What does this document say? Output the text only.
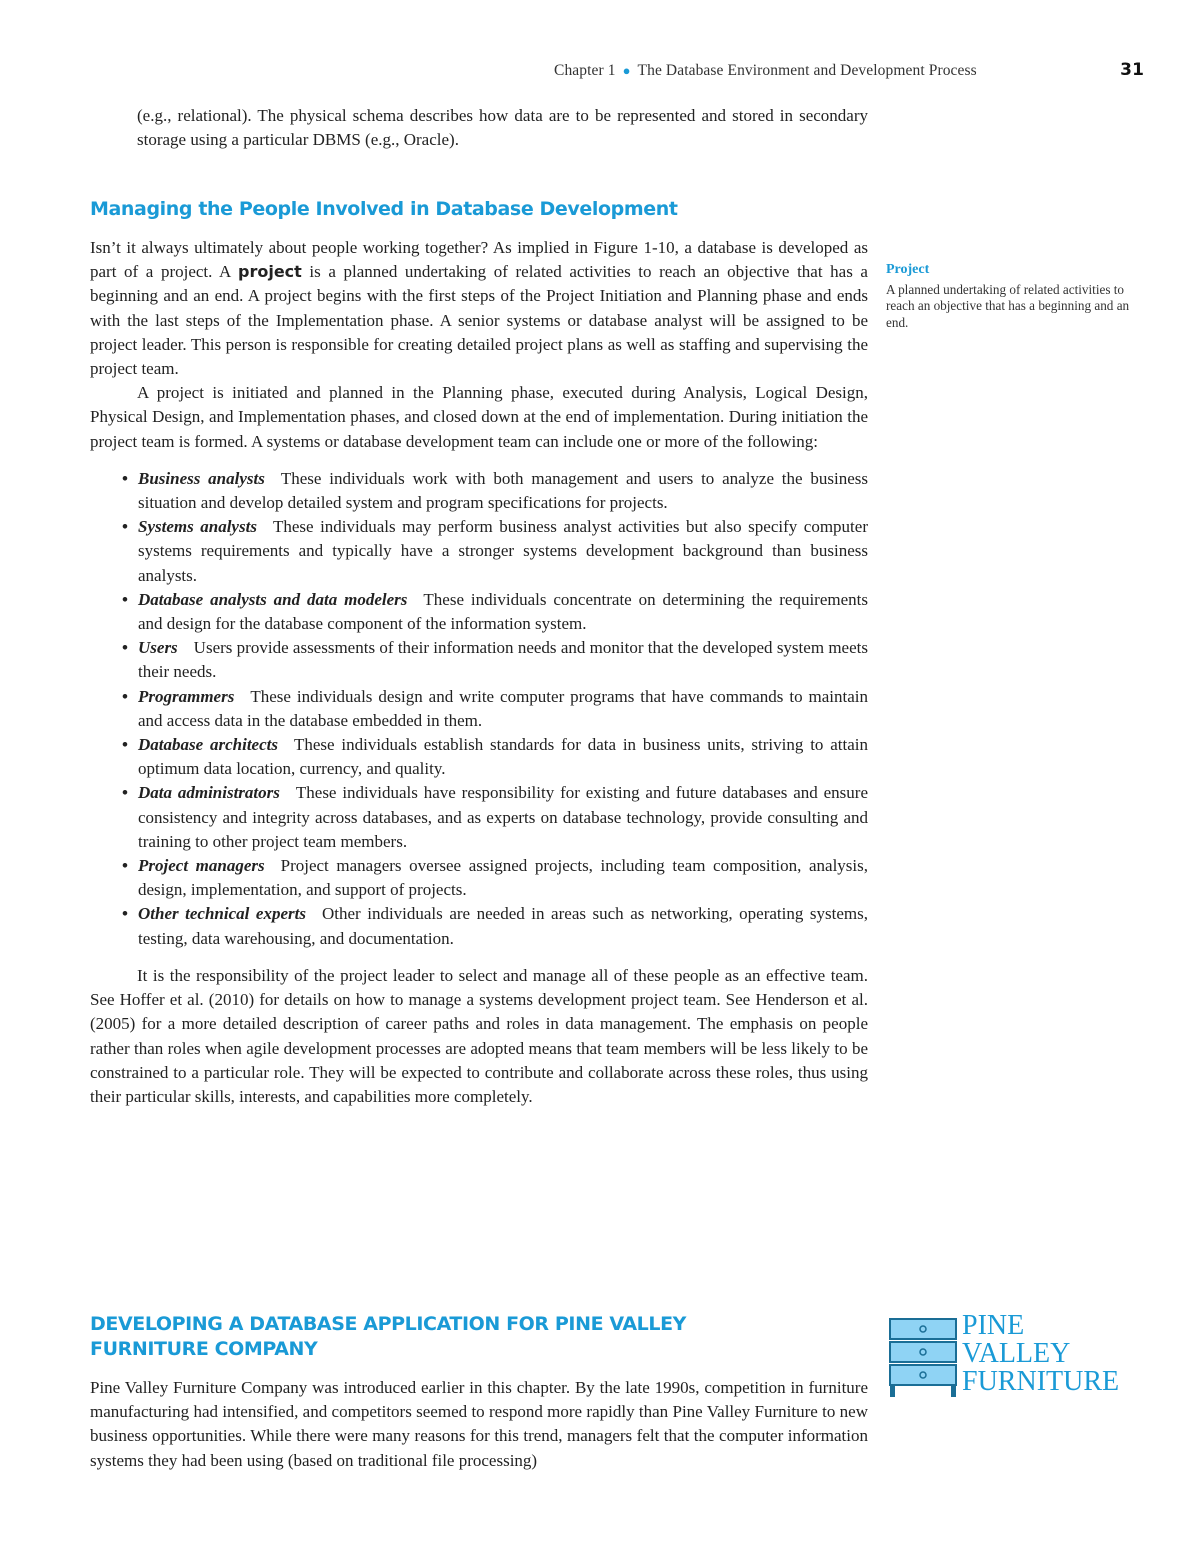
Chapter 1 ● The Database Environment and Development Process	31

(e.g., relational). The physical schema describes how data are to be represented and stored in secondary storage using a particular DBMS (e.g., Oracle).

Managing the People Involved in Database Development

Isn’t it always ultimately about people working together? As implied in Figure 1-10, a database is developed as part of a project. A project is a planned undertaking of related activities to reach an objective that has a beginning and an end. A project begins with the first steps of the Project Initiation and Planning phase and ends with the last steps of the Implementation phase. A senior systems or database analyst will be assigned to be project leader. This person is responsible for creating detailed project plans as well as staffing and supervising the project team.

A project is initiated and planned in the Planning phase, executed during Analysis, Logical Design, Physical Design, and Implementation phases, and closed down at the end of implementation. During initiation the project team is formed. A systems or database development team can include one or more of the following:

• Business analysts These individuals work with both management and users to analyze the business situation and develop detailed system and program specifications for projects.
• Systems analysts These individuals may perform business analyst activities but also specify computer systems requirements and typically have a stronger systems development background than business analysts.
• Database analysts and data modelers These individuals concentrate on determining the requirements and design for the database component of the information system.
• Users Users provide assessments of their information needs and monitor that the developed system meets their needs.
• Programmers These individuals design and write computer programs that have commands to maintain and access data in the database embedded in them.
• Database architects These individuals establish standards for data in business units, striving to attain optimum data location, currency, and quality.
• Data administrators These individuals have responsibility for existing and future databases and ensure consistency and integrity across databases, and as experts on database technology, provide consulting and training to other project team members.
• Project managers Project managers oversee assigned projects, including team composition, analysis, design, implementation, and support of projects.
• Other technical experts Other individuals are needed in areas such as networking, operating systems, testing, data warehousing, and documentation.

It is the responsibility of the project leader to select and manage all of these people as an effective team. See Hoffer et al. (2010) for details on how to manage a systems development project team. See Henderson et al. (2005) for a more detailed description of career paths and roles in data management. The emphasis on people rather than roles when agile development processes are adopted means that team members will be less likely to be constrained to a particular role. They will be expected to contribute and collaborate across these roles, thus using their particular skills, interests, and capabilities more completely.

Project
A planned undertaking of related activities to reach an objective that has a beginning and an end.
DEVELOPING A DATABASE APPLICATION FOR PINE VALLEY
FURNITURE COMPANY

Pine Valley Furniture Company was introduced earlier in this chapter. By the late 1990s, competition in furniture manufacturing had intensified, and competitors seemed to respond more rapidly than Pine Valley Furniture to new business opportunities. While there were many reasons for this trend, managers felt that the computer information systems they had been using (based on traditional file processing)

PINE
VALLEY
FURNITURE
